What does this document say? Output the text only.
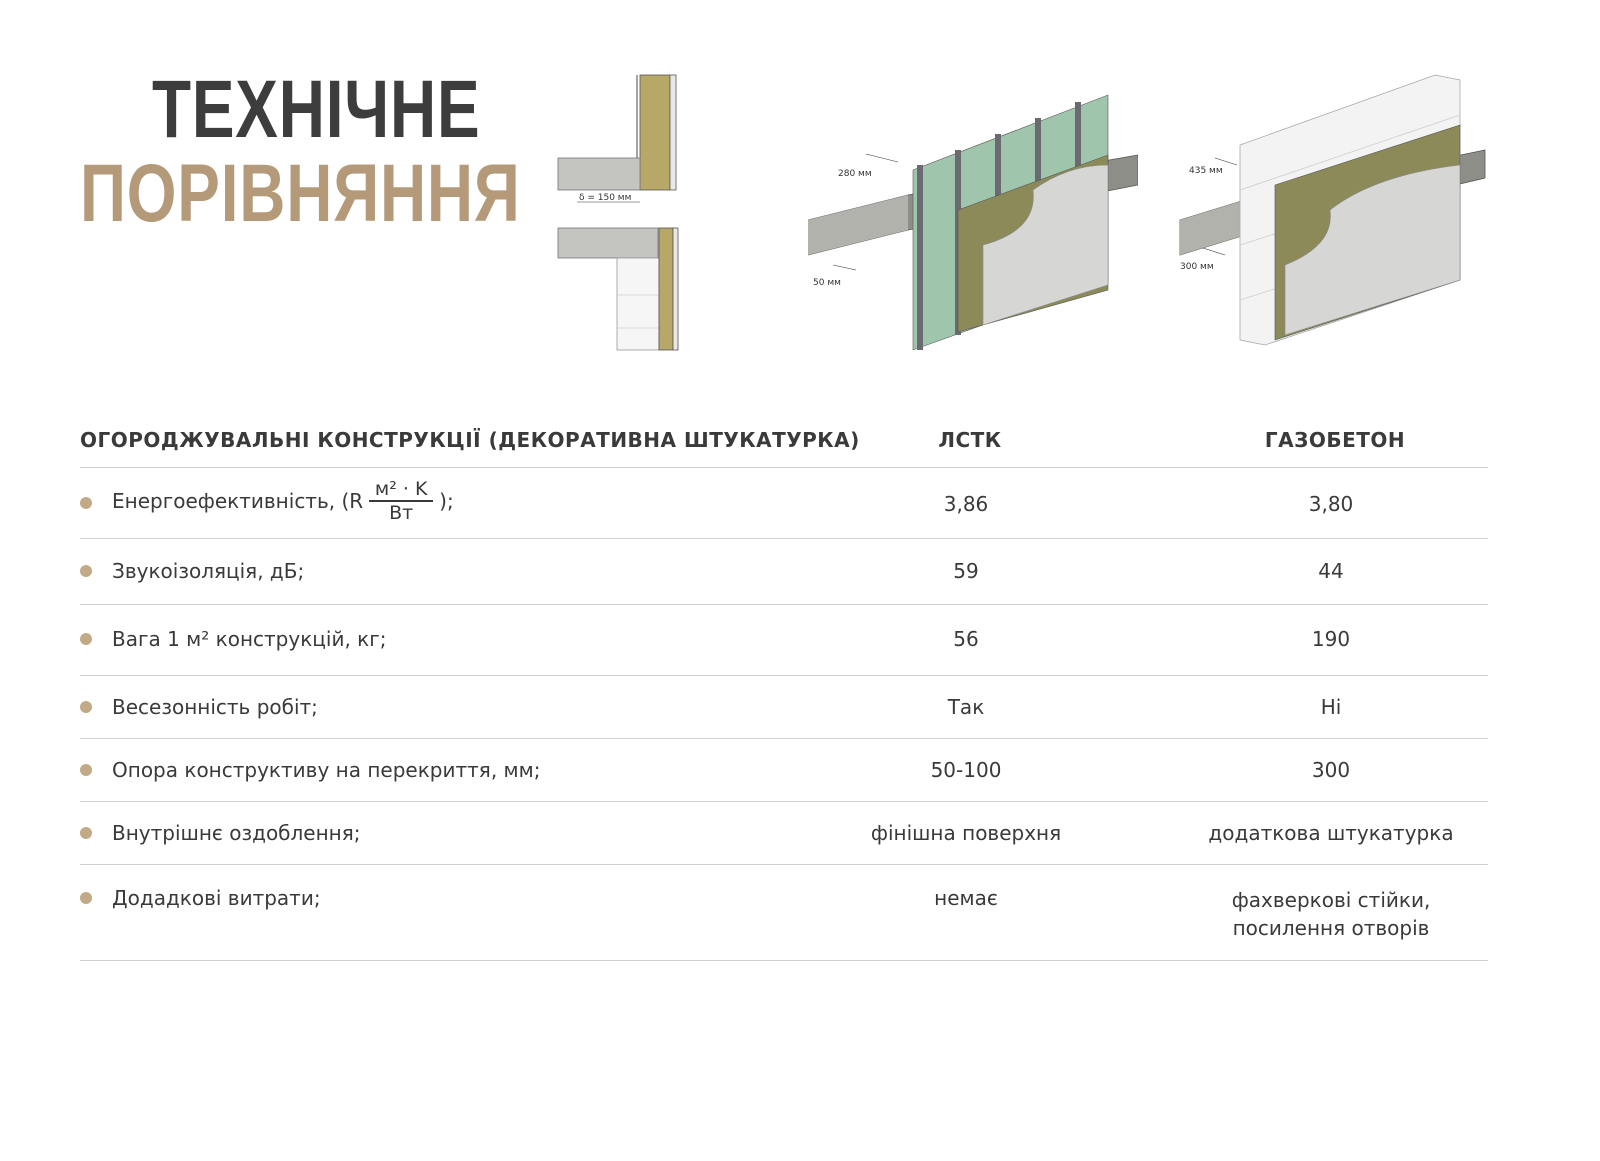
ТЕХНІЧНЕ
ПОРІВНЯННЯ	δ = 150 мм
280 мм
50 мм
435 мм
300 мм
ОГОРОДЖУВАЛЬНІ КОНСТРУКЦІЇ (ДЕКОРАТИВНА ШТУКАТУРКА)	ЛСТК	ГАЗОБЕТОН
Енергоефективність, ($R \frac{\text{м² · K}}{Вт}$ );	3,86	3,80
Звукоізоляція, дБ;	59	44
Вага 1 м² конструкцій, кг;	56	190
Весезонність робіт;	Так	Ні
Опора конструктиву на перекриття, мм;	50-100	300
Внутрішнє оздоблення;	фінішна поверхня	додаткова штукатурка
Додадкові витрати;	немає	фахверкові стійки,
посилення отворів
